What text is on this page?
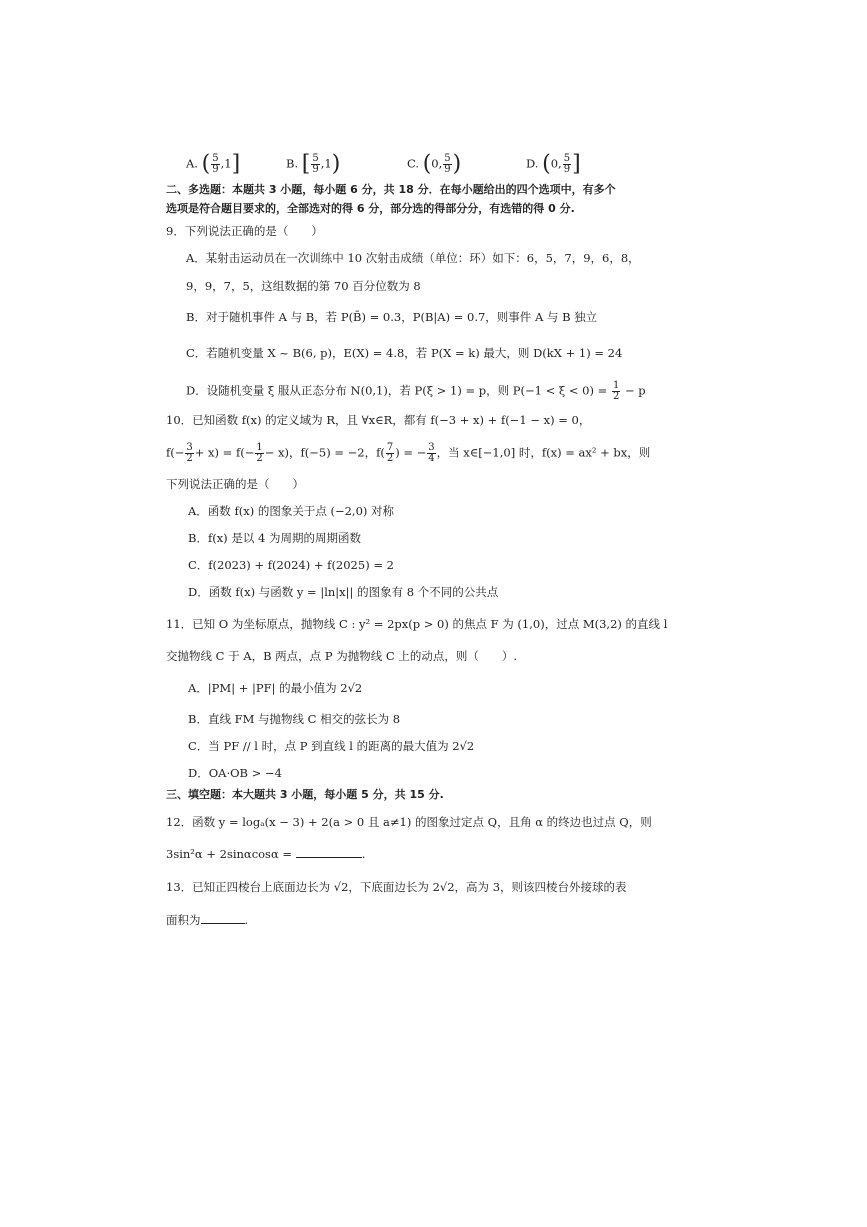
A. ( $\frac{5}{9} ,1$]	B. [ $\frac{5}{9} ,1$)	C. (0, $\frac{5}{9}$ )	D. (0, $\frac{5}{9}$ ]
二、多选题：本题共 3 小题，每小题 6 分，共 18 分．在每小题给出的四个选项中，有多个
选项是符合题目要求的，全部选对的得 6 分，部分选的得部分分，有选错的得 0 分.
9．下列说法正确的是（　　）
A．某射击运动员在一次训练中 10 次射击成绩（单位：环）如下：6，5，7，9，6，8，
9，9，7，5，这组数据的第 70 百分位数为 8
B．对于随机事件 A 与 B，若 P(B̄) = 0.3，P(B|A) = 0.7，则事件 A 与 B 独立
C．若随机变量 X ~ B(6, p)，E(X) = 4.8，若 P(X = k) 最大，则 D(kX + 1) = 24
D．设随机变量 ξ 服从正态分布 N(0,1)，若 P(ξ > 1) = p，则 $P(-1 < \xi < 0) = \frac{1}{2} - p$
10．已知函数 f(x) 的定义域为 R，且 ∀x∈R，都有 f(−3 + x) + f(−1 − x) = 0，
$f(- \frac{3}{2} + x) = f(- \frac{1}{2} - x)$，f(−5) = −2，$f( \frac{7}{2}$ ) = − $\frac{3}{4}$ ，当 x∈[−1,0] 时，f(x) = ax² + bx，则
下列说法正确的是（　　）
A．函数 f(x) 的图象关于点 (−2,0) 对称
B．f(x) 是以 4 为周期的周期函数
C．f(2023) + f(2024) + f(2025) = 2
D．函数 f(x) 与函数 y = |ln|x|| 的图象有 8 个不同的公共点
11．已知 O 为坐标原点，抛物线 C : y² = 2px(p > 0) 的焦点 F 为 (1,0)，过点 M(3,2) 的直线 l
交抛物线 C 于 A，B 两点，点 P 为抛物线 C 上的动点，则（　　）.
A．|PM| + |PF| 的最小值为 2√2
B．直线 FM 与抛物线 C 相交的弦长为 8
C．当 PF // l 时，点 P 到直线 l 的距离的最大值为 2√2
D．OA·OB > −4
三、填空题：本大题共 3 小题，每小题 5 分，共 15 分.
12．函数 y = logₐ(x − 3) + 2(a > 0 且 a≠1) 的图象过定点 Q，且角 α 的终边也过点 Q，则
3sin²α + 2sinαcosα =	.
13．已知正四棱台上底面边长为 √2，下底面边长为 2√2，高为 3，则该四棱台外接球的表
面积为	.
